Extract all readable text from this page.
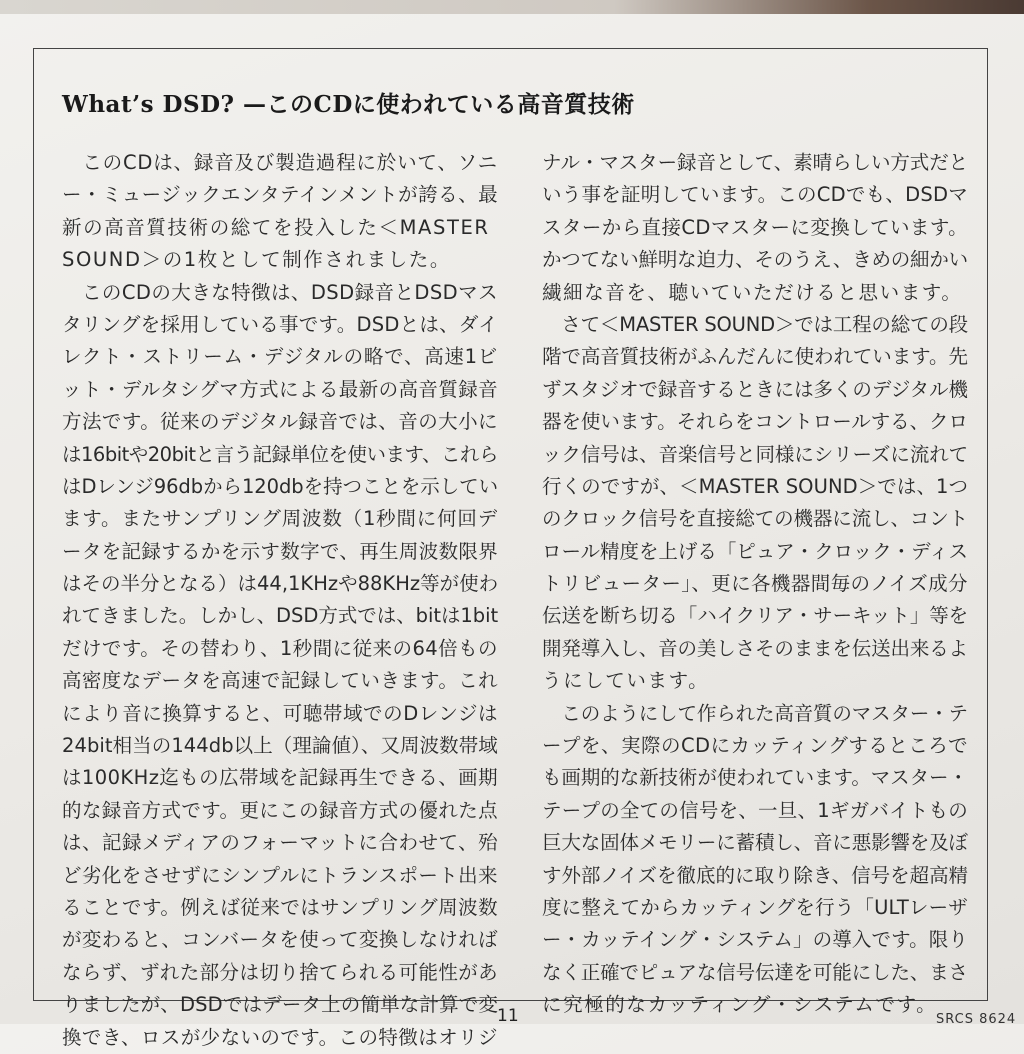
What’s DSD? —このCDに使われている高音質技術
　このCDは、録音及び製造過程に於いて、ソニ
ー・ミュージックエンタテインメントが誇る、最
新の高音質技術の総てを投入した＜MASTER
SOUND＞の1枚として制作されました。
　このCDの大きな特徴は、DSD録音とDSDマス
タリングを採用している事です。DSDとは、ダイ
レクト・ストリーム・デジタルの略で、高速1ビ
ット・デルタシグマ方式による最新の高音質録音
方法です。従来のデジタル録音では、音の大小に
は16bitや20bitと言う記録単位を使います、これら
はDレンジ96dbから120dbを持つことを示してい
ます。またサンプリング周波数（1秒間に何回デ
ータを記録するかを示す数字で、再生周波数限界
はその半分となる）は44,1KHzや88KHz等が使わ
れてきました。しかし、DSD方式では、bitは1bit
だけです。その替わり、1秒間に従来の64倍もの
高密度なデータを高速で記録していきます。これ
により音に換算すると、可聴帯域でのDレンジは
24bit相当の144db以上（理論値）、又周波数帯域
は100KHz迄もの広帯域を記録再生できる、画期
的な録音方式です。更にこの録音方式の優れた点
は、記録メディアのフォーマットに合わせて、殆
ど劣化をさせずにシンプルにトランスポート出来
ることです。例えば従来ではサンプリング周波数
が変わると、コンバータを使って変換しなければ
ならず、ずれた部分は切り捨てられる可能性があ
りましたが、DSDではデータ上の簡単な計算で変
換でき、ロスが少ないのです。この特徴はオリジ
ナル・マスター録音として、素晴らしい方式だと
いう事を証明しています。このCDでも、DSDマ
スターから直接CDマスターに変換しています。
かつてない鮮明な迫力、そのうえ、きめの細かい
繊細な音を、聴いていただけると思います。
　さて＜MASTER SOUND＞では工程の総ての段
階で高音質技術がふんだんに使われています。先
ずスタジオで録音するときには多くのデジタル機
器を使います。それらをコントロールする、クロ
ック信号は、音楽信号と同様にシリーズに流れて
行くのですが、＜MASTER SOUND＞では、1つ
のクロック信号を直接総ての機器に流し、コント
ロール精度を上げる「ピュア・クロック・ディス
トリビューター」、更に各機器間毎のノイズ成分
伝送を断ち切る「ハイクリア・サーキット」等を
開発導入し、音の美しさそのままを伝送出来るよ
うにしています。
　このようにして作られた高音質のマスター・テ
ープを、実際のCDにカッティングするところで
も画期的な新技術が使われています。マスター・
テープの全ての信号を、一旦、1ギガバイトもの
巨大な固体メモリーに蓄積し、音に悪影響を及ぼ
す外部ノイズを徹底的に取り除き、信号を超高精
度に整えてからカッティングを行う「ULTレーザ
ー・カッテイング・システム」の導入です。限り
なく正確でピュアな信号伝達を可能にした、まさ
に究極的なカッティング・システムです。
11	SRCS 8624
